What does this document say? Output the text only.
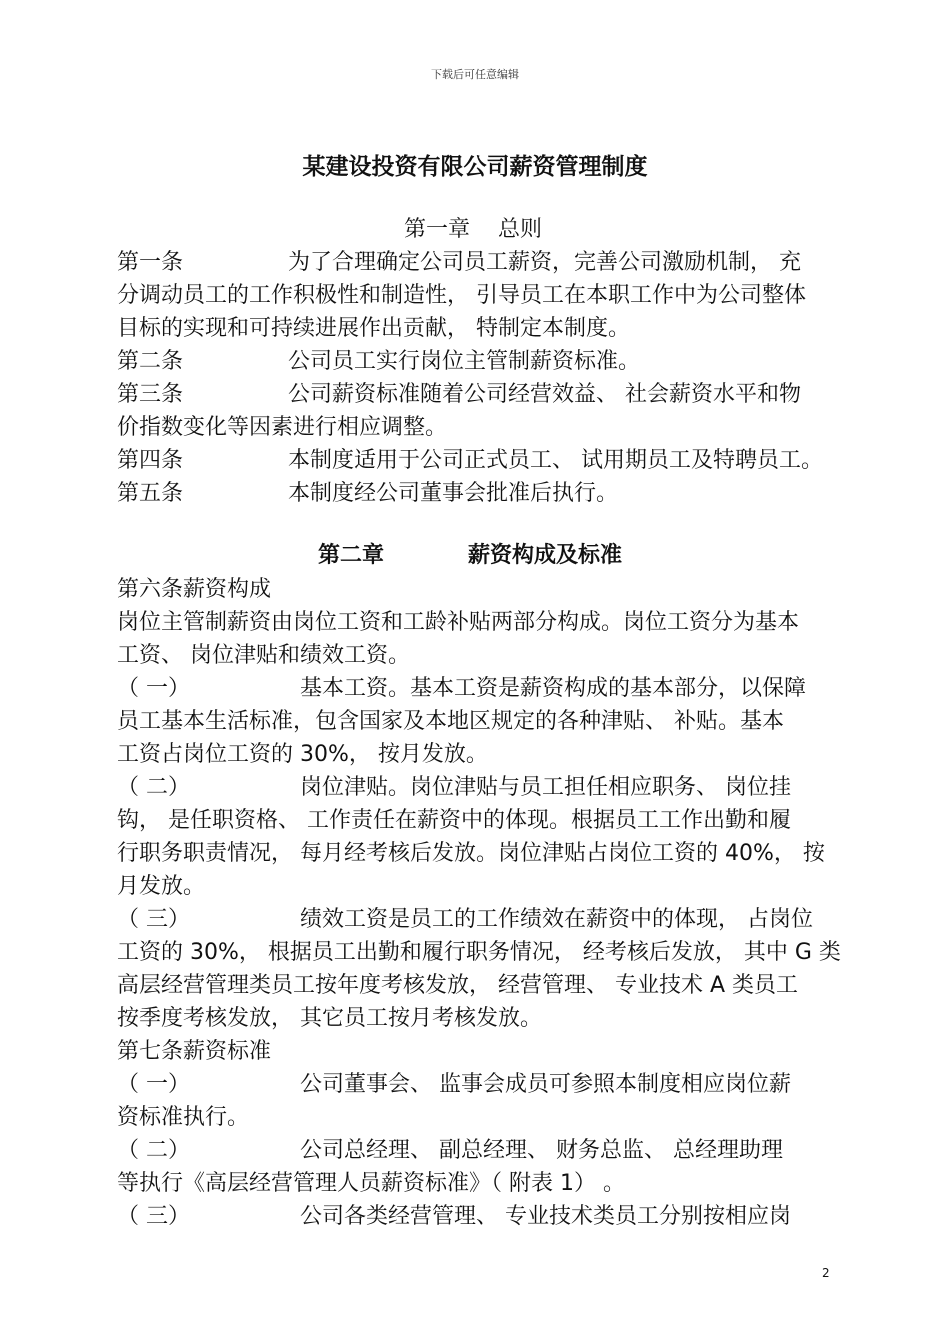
下载后可任意编辑
某建设投资有限公司薪资管理制度
第一章 总则
第一条	为了合理确定公司员工薪资，完善公司激励机制， 充
分调动员工的工作积极性和制造性， 引导员工在本职工作中为公司整体
目标的实现和可持续进展作出贡献， 特制定本制度。
第二条	公司员工实行岗位主管制薪资标准。
第三条	公司薪资标准随着公司经营效益、 社会薪资水平和物
价指数变化等因素进行相应调整。
第四条	本制度适用于公司正式员工、 试用期员工及特聘员工。
第五条	本制度经公司董事会批准后执行。
第二章	薪资构成及标准
第六条薪资构成
岗位主管制薪资由岗位工资和工龄补贴两部分构成。岗位工资分为基本
工资、 岗位津贴和绩效工资。
（ 一）	基本工资。基本工资是薪资构成的基本部分，以保障
员工基本生活标准，包含国家及本地区规定的各种津贴、 补贴。基本
工资占岗位工资的 30%， 按月发放。
（ 二）	岗位津贴。岗位津贴与员工担任相应职务、 岗位挂
钩， 是任职资格、 工作责任在薪资中的体现。根据员工工作出勤和履
行职务职责情况， 每月经考核后发放。岗位津贴占岗位工资的 40%， 按
月发放。
（ 三）	绩效工资是员工的工作绩效在薪资中的体现， 占岗位
工资的 30%， 根据员工出勤和履行职务情况， 经考核后发放， 其中 G 类
高层经营管理类员工按年度考核发放， 经营管理、 专业技术 A 类员工
按季度考核发放， 其它员工按月考核发放。
第七条薪资标准
（ 一）	公司董事会、 监事会成员可参照本制度相应岗位薪
资标准执行。
（ 二）	公司总经理、 副总经理、 财务总监、 总经理助理
等执行《高层经营管理人员薪资标准》（ 附表 1） 。
（ 三）	公司各类经营管理、 专业技术类员工分别按相应岗
2
